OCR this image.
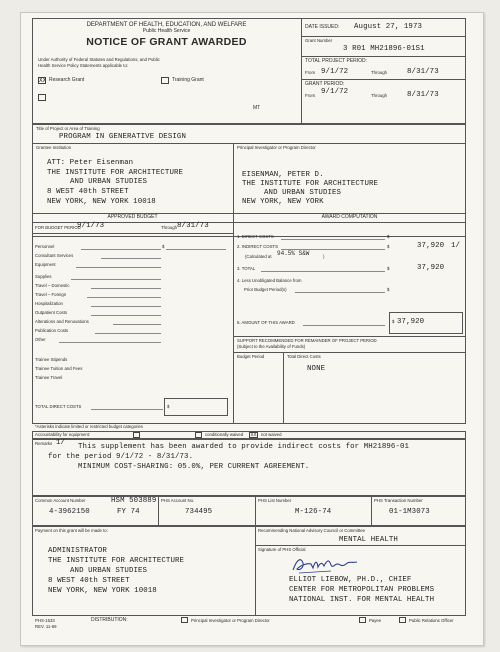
DEPARTMENT OF HEALTH, EDUCATION, AND WELFARE
Public Health Service
NOTICE OF GRANT AWARDED
Under Authority of Federal Statutes and Regulations, and Public
Health Service Policy Statements applicable to:
XX Research Grant	Training Grant
MT
DATE ISSUED: August 27, 1973
Grant Number
3 R01 MH21896-01S1
TOTAL PROJECT PERIOD:
From 9/1/72	Through	8/31/73
GRANT PERIOD:
From 9/1/72	Through	8/31/73
Title of Project or Area of Training
PROGRAM IN GENERATIVE DESIGN
Grantee Institution	Principal Investigator or Program Director
ATT: Peter Eisenman
THE INSTITUTE FOR ARCHITECTURE
AND URBAN STUDIES
8 WEST 40th STREET
NEW YORK, NEW YORK 10018
EISENMAN, PETER D.
THE INSTITUTE FOR ARCHITECTURE
AND URBAN STUDIES
NEW YORK, NEW YORK
APPROVED BUDGET	AWARD COMPUTATION
FOR BUDGET PERIOD
9/1/73	Through 8/31/73
Personnel
Consultant Services
Equipment
Supplies
Travel – Domestic
Travel – Foreign
Hospitalization
Outpatient Costs
Alterations and Renovations
Publication Costs
Other
Trainee Stipends
Trainee Tuition and Fees
Trainee Travel
$
TOTAL DIRECT COSTS	$
1. DIRECT COSTS	$
2. INDIRECT COSTS	$	37,920 1/
(Calculated at 94.5% S&W	)
3. TOTAL	$	37,920
4. Less Unobligated Balance from
Prior Budget Period(s)	$
5. AMOUNT OF THIS AWARD	$ 37,920
SUPPORT RECOMMENDED FOR REMAINDER OF PROJECT PERIOD
(Subject to the Availability of Funds)
Budget Period	Total Direct Costs
NONE
*Asterisks indicate limited or restricted budget categories
Accountability for equipment:	conditionally waived XX	not waived
Remarks 1/ This supplement has been awarded to provide indirect costs for MH21896-01
for the period 9/1/72 - 8/31/73.
MINIMUM COST-SHARING: 05.0%, PER CURRENT AGREEMENT.
Common Account Number	HSM 503889
4-3962150	FY 74
PHS Account No.
734495
PHS List Number
M-126-74
PHS Transaction Number
01-1M3073
Payment on this grant will be made to:
ADMINISTRATOR
THE INSTITUTE FOR ARCHITECTURE
AND URBAN STUDIES
8 WEST 40th STREET
NEW YORK, NEW YORK 10018
Recommending National Advisory Council or Committee
MENTAL HEALTH
Signature of PHS Official
ELLIOT LIEBOW, PH.D., CHIEF
CENTER FOR METROPOLITAN PROBLEMS
NATIONAL INST. FOR MENTAL HEALTH
PHS-1533
REV. 11-69
DISTRIBUTION:	Principal Investigator or Program Director	Payee	Public Relations Officer
